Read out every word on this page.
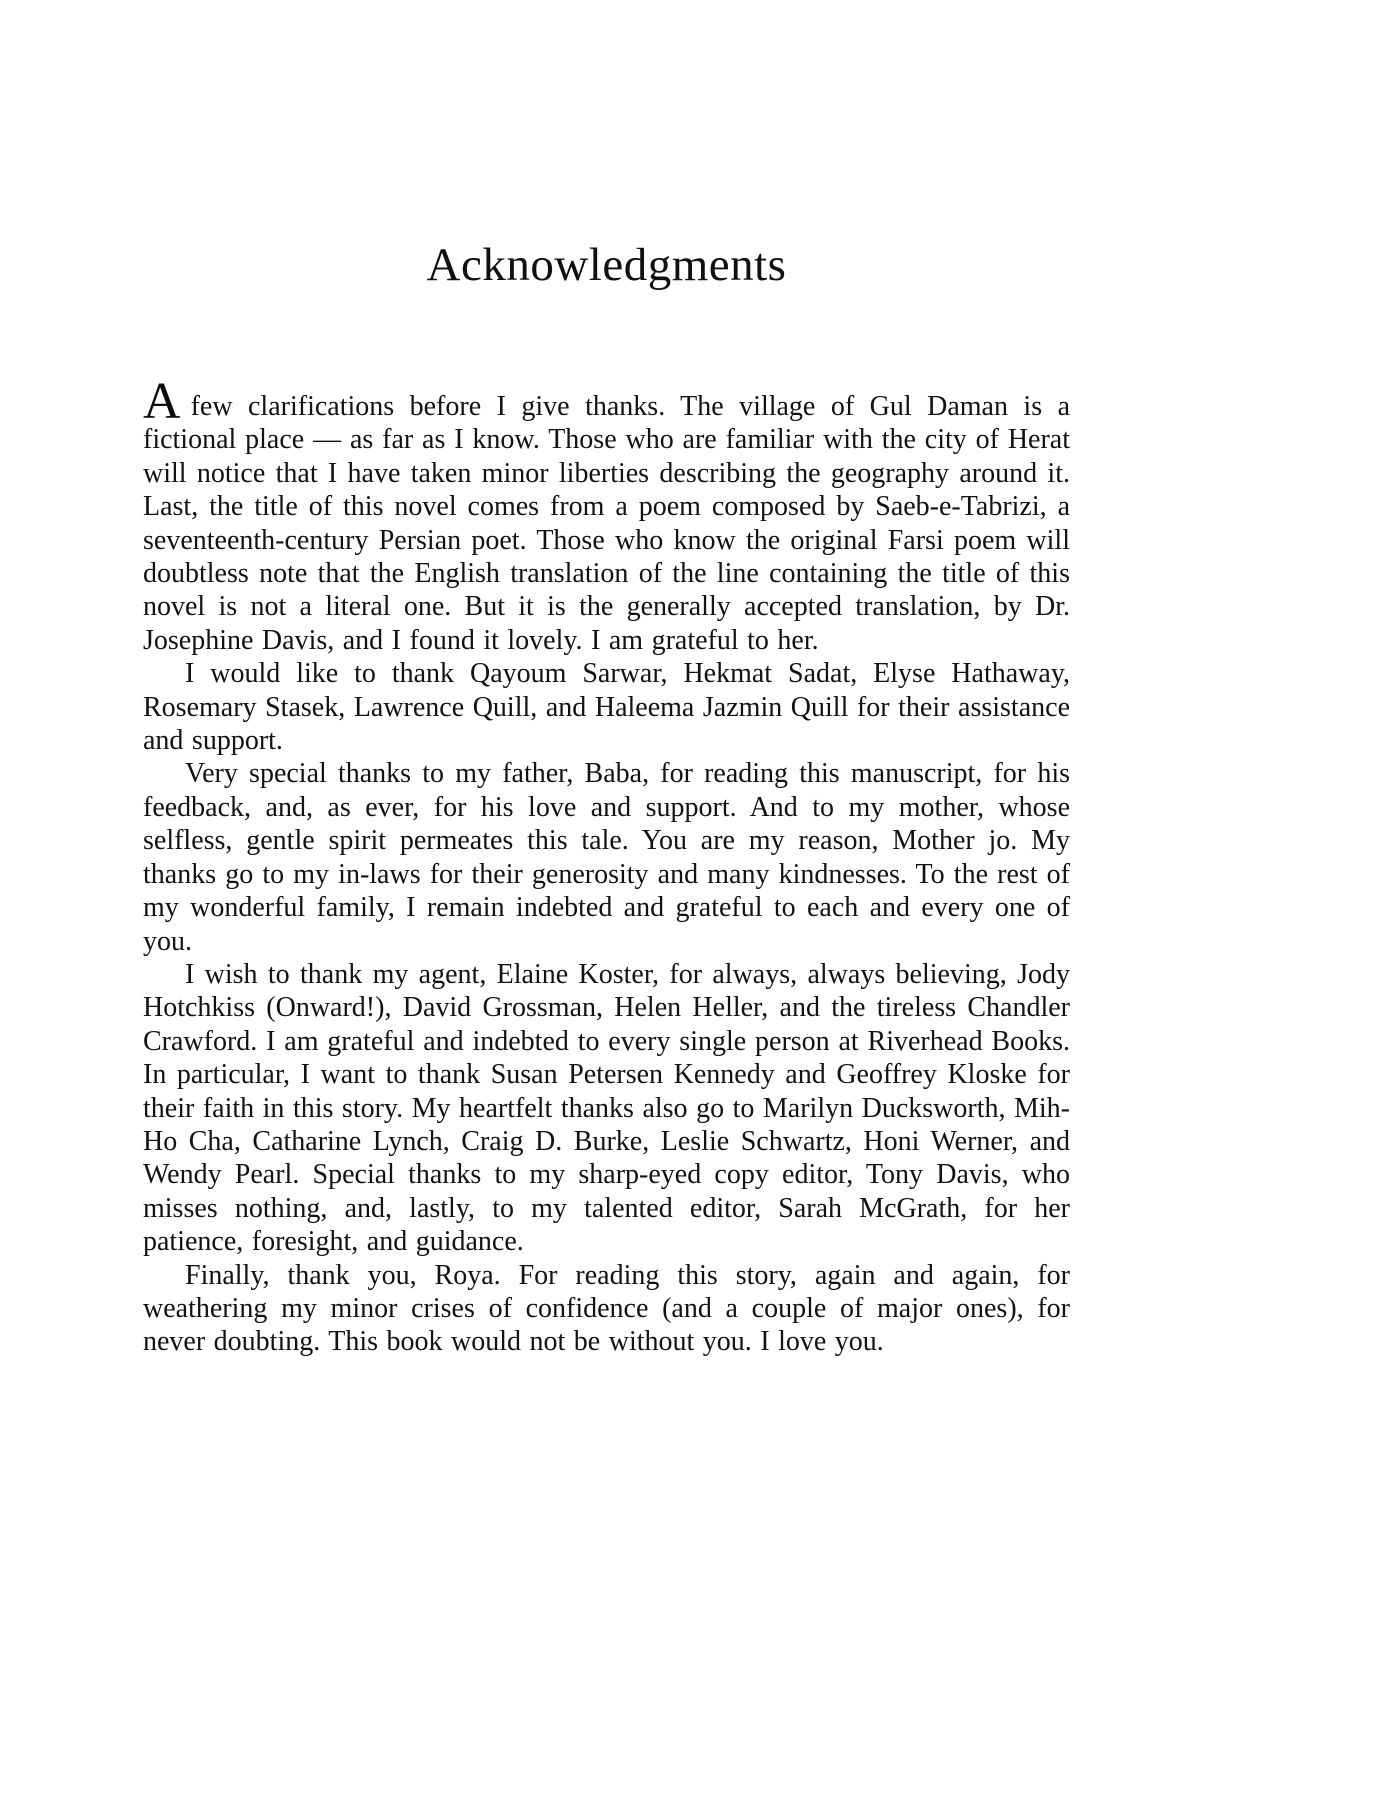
Acknowledgments

Afew clarifications before I give thanks. The village of Gul Daman is a fictional place — as far as I know. Those who are familiar with the city of Herat will notice that I have taken minor liberties describing the geography around it. Last, the title of this novel comes from a poem composed by Saeb-e-Tabrizi, a seventeenth-century Persian poet. Those who know the original Farsi poem will doubtless note that the English translation of the line containing the title of this novel is not a literal one. But it is the generally accepted translation, by Dr. Josephine Davis, and I found it lovely. I am grateful to her.

I would like to thank Qayoum Sarwar, Hekmat Sadat, Elyse Hathaway, Rosemary Stasek, Lawrence Quill, and Haleema Jazmin Quill for their assistance and support.

Very special thanks to my father, Baba, for reading this manuscript, for his feedback, and, as ever, for his love and support. And to my mother, whose selfless, gentle spirit permeates this tale. You are my reason, Mother jo. My thanks go to my in-laws for their generosity and many kindnesses. To the rest of my wonderful family, I remain indebted and grateful to each and every one of you.

I wish to thank my agent, Elaine Koster, for always, always believing, Jody Hotchkiss (Onward!), David Grossman, Helen Heller, and the tireless Chandler Crawford. I am grateful and indebted to every single person at Riverhead Books. In particular, I want to thank Susan Petersen Kennedy and Geoffrey Kloske for their faith in this story. My heartfelt thanks also go to Marilyn Ducksworth, Mih-Ho Cha, Catharine Lynch, Craig D. Burke, Leslie Schwartz, Honi Werner, and Wendy Pearl. Special thanks to my sharp-eyed copy editor, Tony Davis, who misses nothing, and, lastly, to my talented editor, Sarah McGrath, for her patience, foresight, and guidance.

Finally, thank you, Roya. For reading this story, again and again, for weathering my minor crises of confidence (and a couple of major ones), for never doubting. This book would not be without you. I love you.
